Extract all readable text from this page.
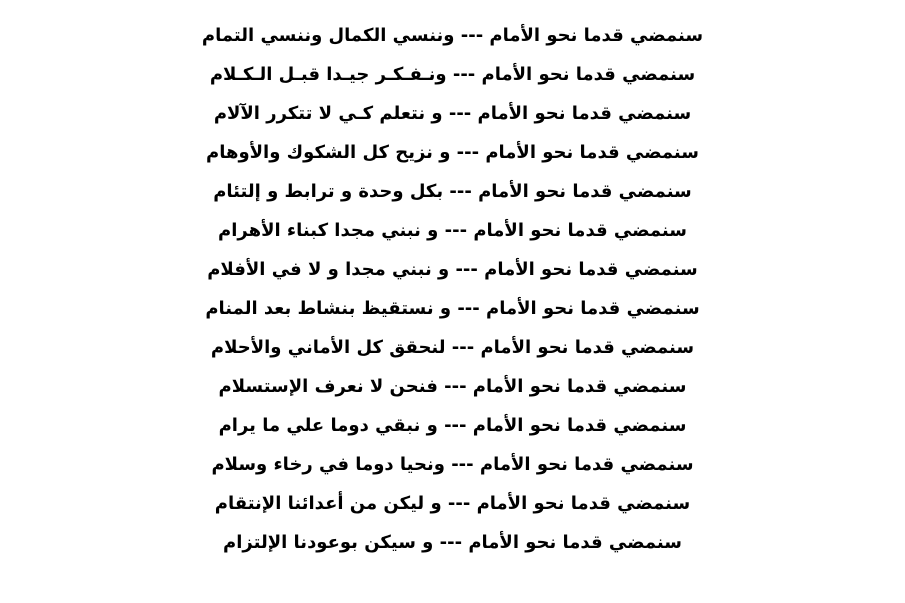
سنمضي قدما نحو الأمام --- وننسي الكمال وننسي التمام

سنمضي قدما نحو الأمام --- ونـفـكـر جيـدا قبـل الـكـلام

سنمضي قدما نحو الأمام --- و نتعلم كـي لا تتكرر الآلام

سنمضي قدما نحو الأمام --- و نزيح كل الشكوك والأوهام

سنمضي قدما نحو الأمام --- بكل وحدة و ترابط و إلتئام

سنمضي قدما نحو الأمام --- و نبني مجدا كبناء الأهرام

سنمضي قدما نحو الأمام --- و نبني مجدا و لا في الأفلام

سنمضي قدما نحو الأمام --- و نستقيظ بنشاط بعد المنام

سنمضي قدما نحو الأمام --- لنحقق كل الأماني والأحلام

سنمضي قدما نحو الأمام --- فنحن لا نعرف الإستسلام

سنمضي قدما نحو الأمام --- و نبقي دوما علي ما يرام

سنمضي قدما نحو الأمام --- ونحيا دوما في رخاء وسلام

سنمضي قدما نحو الأمام --- و ليكن من أعدائنا الإنتقام

سنمضي قدما نحو الأمام --- و سيكن بوعودنا الإلتزام
